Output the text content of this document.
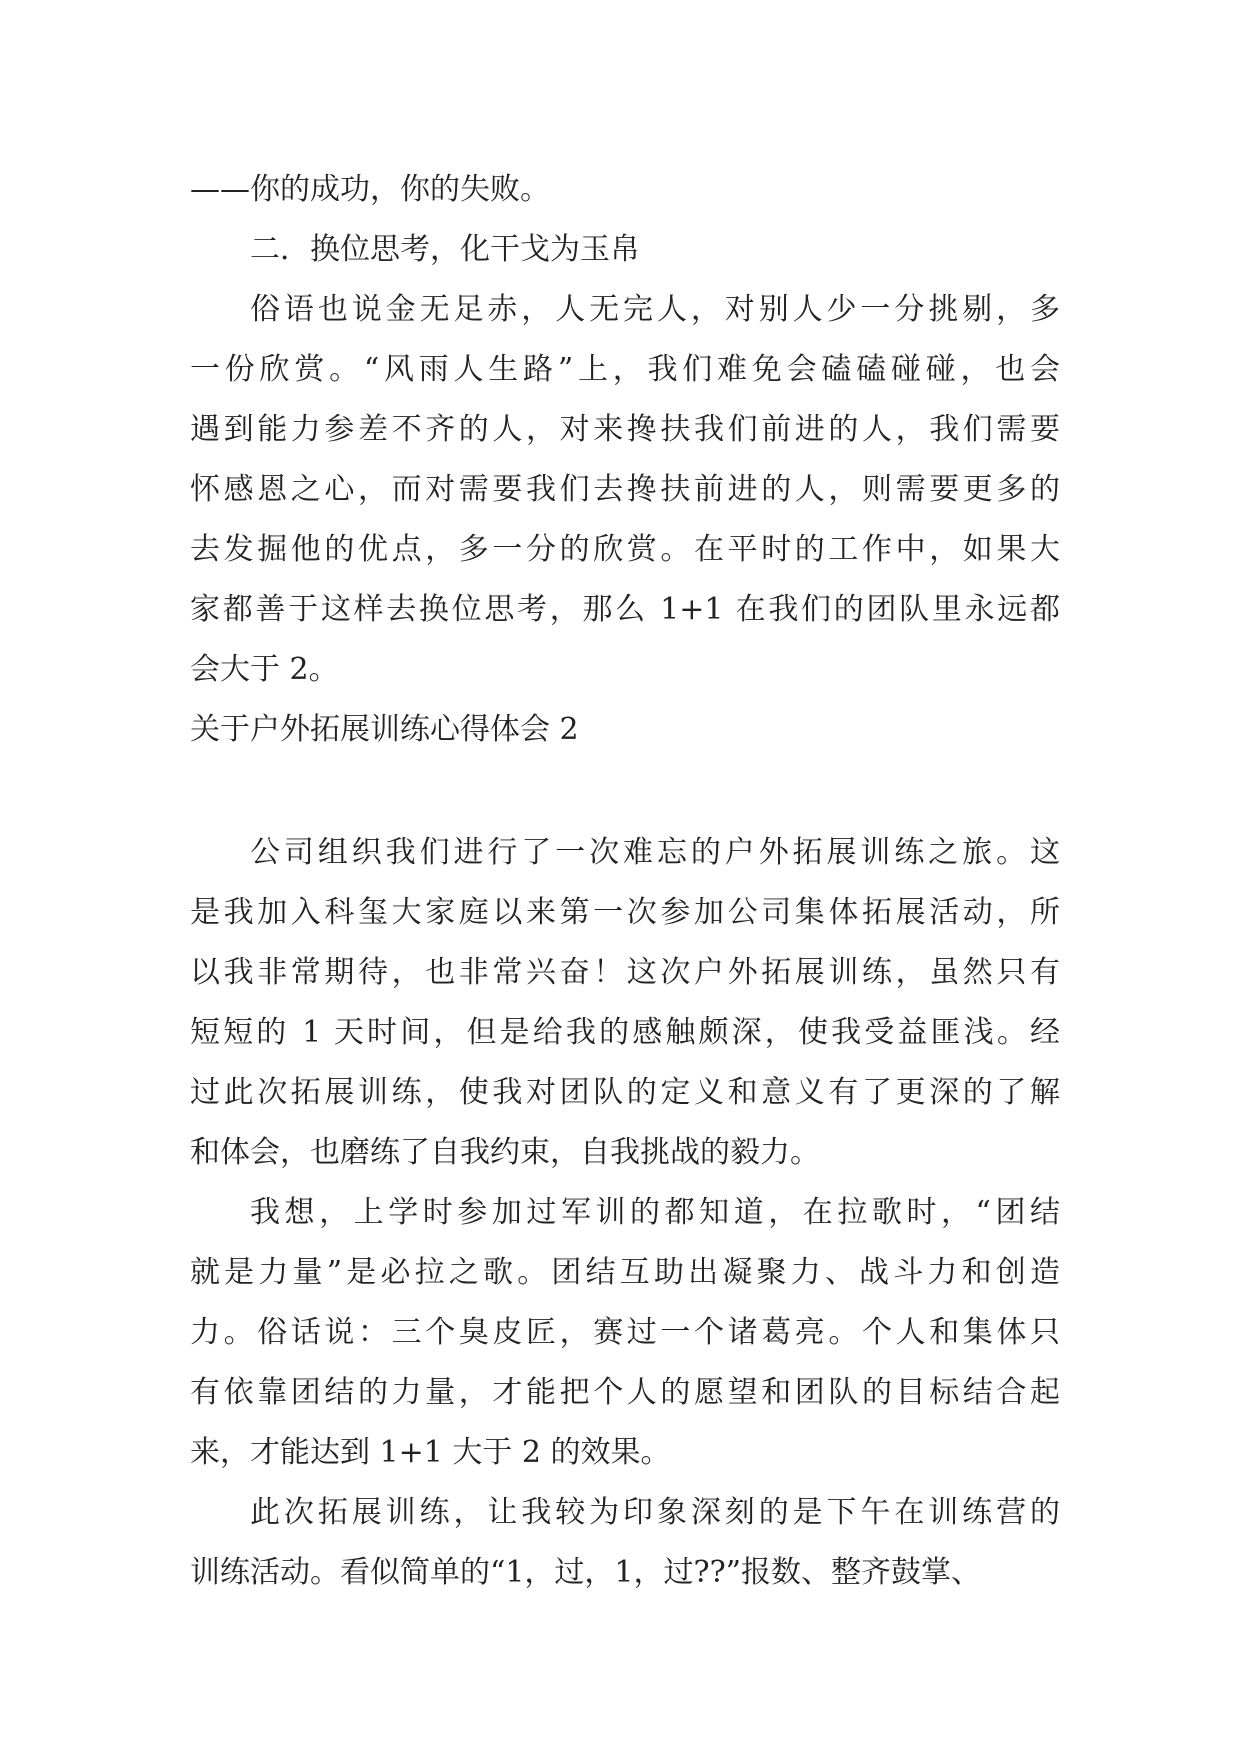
——你的成功，你的失败。
二．换位思考，化干戈为玉帛
俗语也说金无足赤，人无完人，对别人少一分挑剔，多
一份欣赏。“风雨人生路”上，我们难免会磕磕碰碰，也会
遇到能力参差不齐的人，对来搀扶我们前进的人，我们需要
怀感恩之心，而对需要我们去搀扶前进的人，则需要更多的
去发掘他的优点，多一分的欣赏。在平时的工作中，如果大
家都善于这样去换位思考，那么 1+1 在我们的团队里永远都
会大于 2。
关于户外拓展训练心得体会 2
公司组织我们进行了一次难忘的户外拓展训练之旅。这
是我加入科玺大家庭以来第一次参加公司集体拓展活动，所
以我非常期待，也非常兴奋！这次户外拓展训练，虽然只有
短短的 1 天时间，但是给我的感触颇深，使我受益匪浅。经
过此次拓展训练，使我对团队的定义和意义有了更深的了解
和体会，也磨练了自我约束，自我挑战的毅力。
我想，上学时参加过军训的都知道，在拉歌时，“团结
就是力量”是必拉之歌。团结互助出凝聚力、战斗力和创造
力。俗话说：三个臭皮匠，赛过一个诸葛亮。个人和集体只
有依靠团结的力量，才能把个人的愿望和团队的目标结合起
来，才能达到 1+1 大于 2 的效果。
此次拓展训练，让我较为印象深刻的是下午在训练营的
训练活动。看似简单的“1，过，1，过??”报数、整齐鼓掌、
